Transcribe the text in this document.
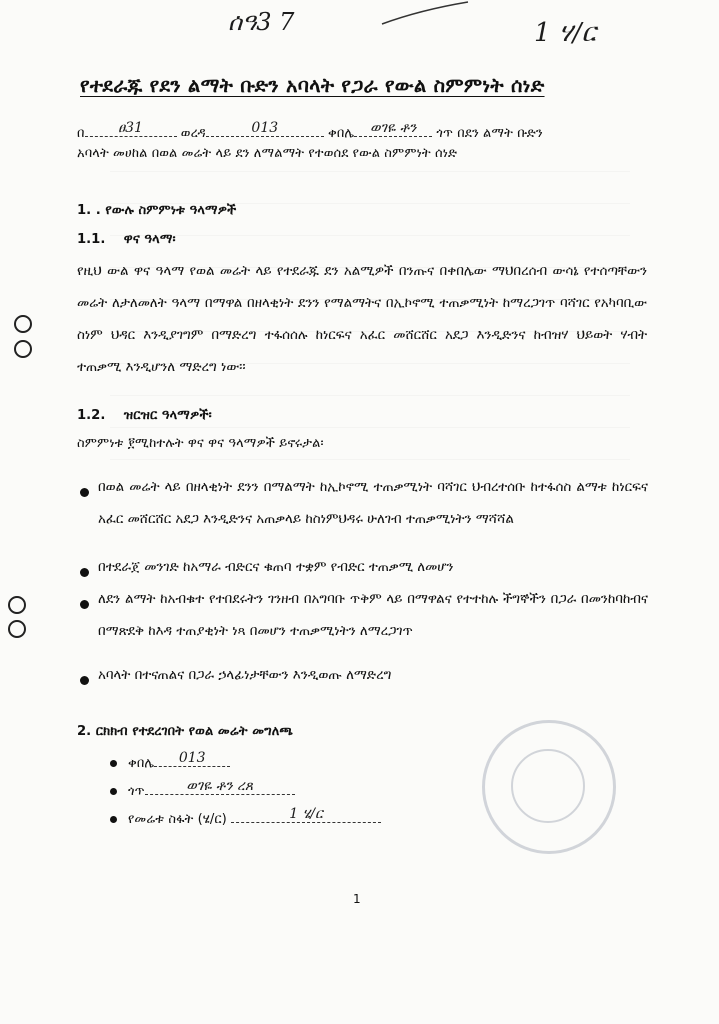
ሰዓ3 7	1 ሃ/ር
የተደራጁ የደን ልማት ቡድን አባላት የጋራ የውል ስምምነት ሰነድ
በ	ፀ31	ወረዳ	013	ቀበሌ	ወገዬ ቶን	ጎጥ በደን ልማት ቡድን
አባላት መሀከል በወል መሬት ላይ ደን ለማልማት የተወሰደ የውል ስምምነት ሰነድ
1. . የውሉ ስምምነቱ ዓላማዎች
1.1. ዋና ዓላማ፡
የዚህ ውል ዋና ዓላማ የወል መሬት ላይ የተደራጁ ደን አልሚዎች በንጡና በቀበሌው ማህበረሰብ ውሳኔ የተሰጣቸውን መሬት ለታለመለት ዓላማ በማዋል በዘላቂነት ደንን የማልማትና በኢኮኖሚ ተጠቃሚነት ከማረጋገጥ ባሻገር የአካባቢው ስነም ህዳር እንዲያገግም በማድረግ ተፋሰሰሉ ከነርፍና አፈር መሸርሸር አደጋ እንዲድንና ከብዝሃ ህይወት ሃብት ተጠቃሚ እንዲሆንለ ማድረግ ነው፡፡
1.2. ዝርዝር ዓላማዎች፡
ስምምነቱ ፻ሚከተሉት ዋና ዋና ዓላማዎች ይኖሩታል፡
በወል መሬት ላይ በዘላቂነት ደንን በማልማት ከኢኮኖሚ ተጠቃሚነት ባሻገር ህብረተሰቡ ከተፋሰስ ልማቱ ከነርፍና አፈር መሸርሸር አደጋ እንዲድንና አጠቃላይ ከስነምህዳሩ ሁለገብ ተጠቃሚነትን ማሻሻል
በተደራጀ መንገድ ከአማራ ብድርና ቁጠባ ተቋም የብድር ተጠቃሚ ለመሆን
ለደን ልማት ከአብቁተ የተበደሩትን ገንዘብ በአግባቡ ጥቅም ላይ በማዋልና የተተከሉ ችግኞችን በጋራ በመንከባከብና በማጽደቅ ከእዳ ተጠያቂነት ነጻ በመሆን ተጠቃሚነትን ለማረጋገጥ
አባላት በተናጠልና በጋራ ኃላፊነታቸውን እንዲወጡ ለማድረግ
2. ርክክብ የተደረገበት የወል መሬት መግለጫ
ቀበሌ	013
ጎጥ	ወገዬ ቶን ረጸ
የመሬቱ ስፋት (ሄ/ር)	1 ሄ/ር
1
